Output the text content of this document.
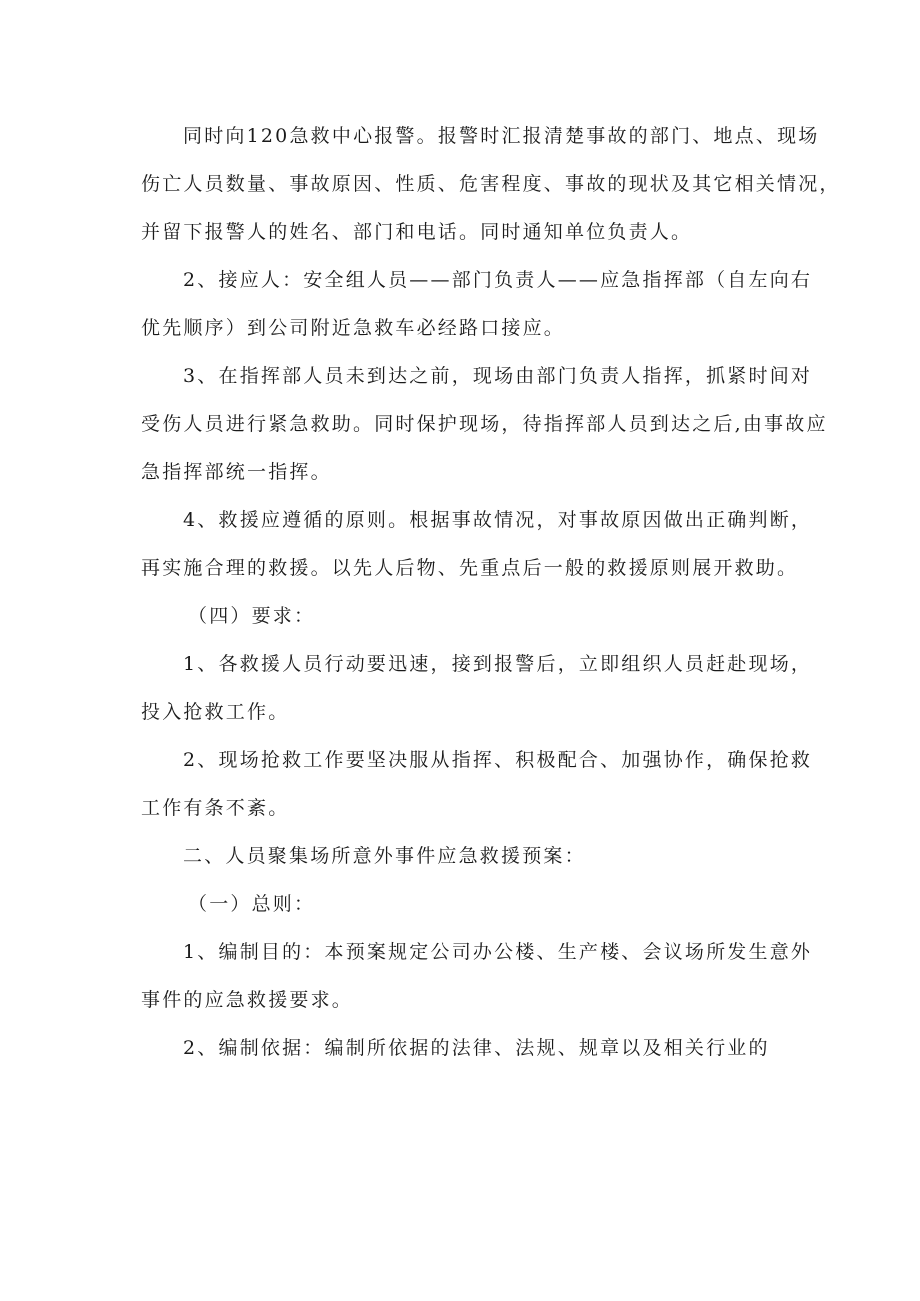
同时向120急救中心报警。报警时汇报清楚事故的部门、地点、现场
伤亡人员数量、事故原因、性质、危害程度、事故的现状及其它相关情况，
并留下报警人的姓名、部门和电话。同时通知单位负责人。
2、接应人：安全组人员——部门负责人——应急指挥部（自左向右
优先顺序）到公司附近急救车必经路口接应。
3、在指挥部人员未到达之前，现场由部门负责人指挥，抓紧时间对
受伤人员进行紧急救助。同时保护现场，待指挥部人员到达之后,由事故应
急指挥部统一指挥。
4、救援应遵循的原则。根据事故情况，对事故原因做出正确判断，
再实施合理的救援。以先人后物、先重点后一般的救援原则展开救助。
（四）要求：
1、各救援人员行动要迅速，接到报警后，立即组织人员赶赴现场，
投入抢救工作。
2、现场抢救工作要坚决服从指挥、积极配合、加强协作，确保抢救
工作有条不紊。
二、人员聚集场所意外事件应急救援预案：
（一）总则：
1、编制目的：本预案规定公司办公楼、生产楼、会议场所发生意外
事件的应急救援要求。
2、编制依据：编制所依据的法律、法规、规章以及相关行业的
